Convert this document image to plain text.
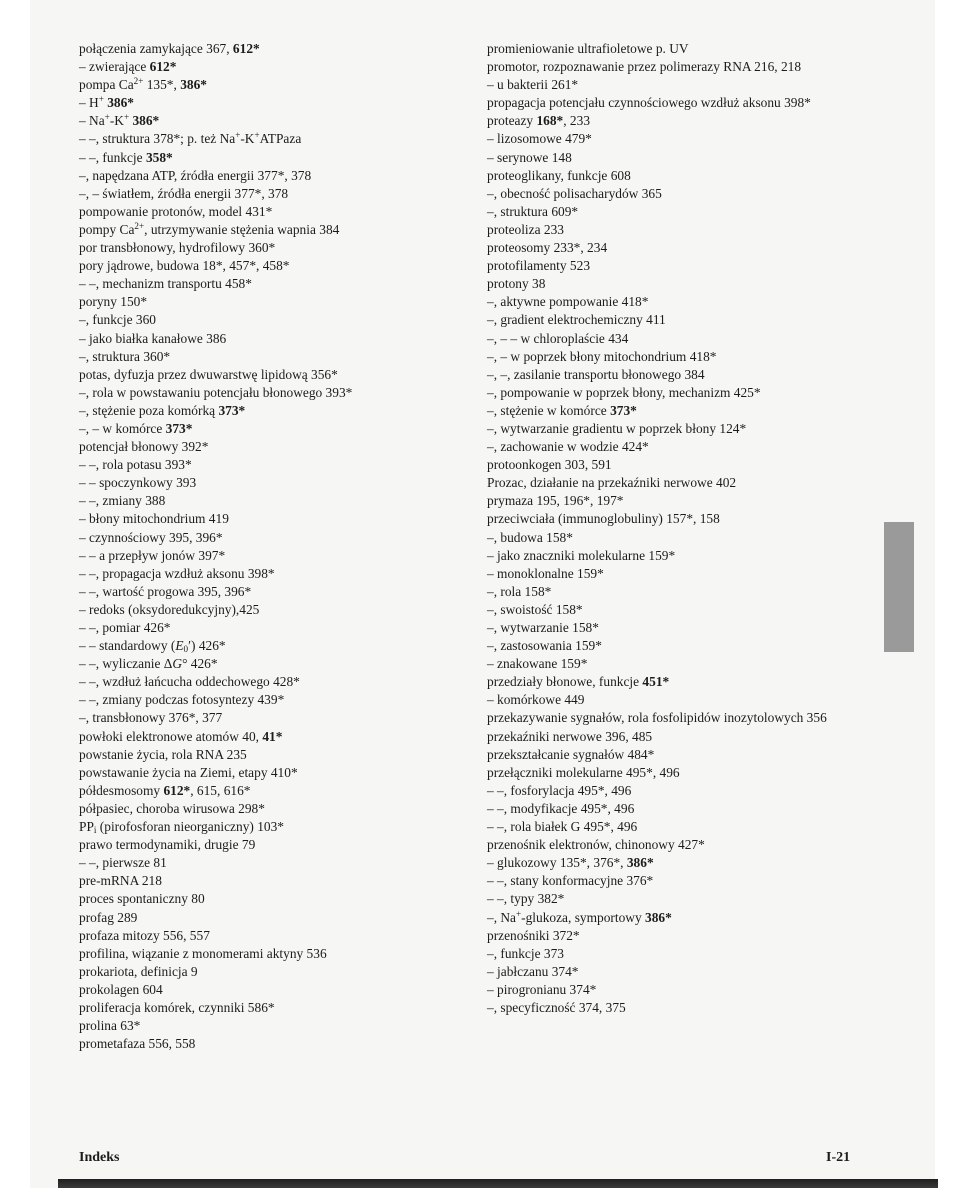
połączenia zamykające 367, 612*

– zwierające 612*

pompa $Ca^{2+}$ 135*, 386*

– H+ 386*

– Na+-K+ 386*

– –, struktura 378*; p. też Na+-K+ATPaza

– –, funkcje 358*

–, napędzana ATP, źródła energii 377*, 378

–, – światłem, źródła energii 377*, 378

pompowanie protonów, model 431*

pompy $Ca^{2+}$, utrzymywanie stężenia wapnia 384

por transbłonowy, hydrofilowy 360*

pory jądrowe, budowa 18*, 457*, 458*

– –, mechanizm transportu 458*

poryny 150*

–, funkcje 360

– jako białka kanałowe 386

–, struktura 360*

potas, dyfuzja przez dwuwarstwę lipidową 356*

–, rola w powstawaniu potencjału błonowego 393*

–, stężenie poza komórką 373*

–, – w komórce 373*

potencjał błonowy 392*

– –, rola potasu 393*

– – spoczynkowy 393

– –, zmiany 388

– błony mitochondrium 419

– czynnościowy 395, 396*

– – a przepływ jonów 397*

– –, propagacja wzdłuż aksonu 398*

– –, wartość progowa 395, 396*

– redoks (oksydoredukcyjny),425

– –, pomiar 426*

– – standardowy $(E_0')$ 426*

– –, wyliczanie ΔG° 426*

– –, wzdłuż łańcucha oddechowego 428*

– –, zmiany podczas fotosyntezy 439*

–, transbłonowy 376*, 377

powłoki elektronowe atomów 40, 41*

powstanie życia, rola RNA 235

powstawanie życia na Ziemi, etapy 410*

półdesmosomy 612*, 615, 616*

półpasiec, choroba wirusowa 298*

$PP_i$ (pirofosforan nieorganiczny) 103*

prawo termodynamiki, drugie 79

– –, pierwsze 81

pre-mRNA 218

proces spontaniczny 80

profag 289

profaza mitozy 556, 557

profilina, wiązanie z monomerami aktyny 536

prokariota, definicja 9

prokolagen 604

proliferacja komórek, czynniki 586*

prolina 63*

prometafaza 556, 558

promieniowanie ultrafioletowe p. UV

promotor, rozpoznawanie przez polimerazy RNA 216, 218

– u bakterii 261*

propagacja potencjału czynnościowego wzdłuż aksonu 398*

proteazy 168*, 233

– lizosomowe 479*

– serynowe 148

proteoglikany, funkcje 608

–, obecność polisacharydów 365

–, struktura 609*

proteoliza 233

proteosomy 233*, 234

protofilamenty 523

protony 38

–, aktywne pompowanie 418*

–, gradient elektrochemiczny 411

–, – – w chloroplaście 434

–, – w poprzek błony mitochondrium 418*

–, –, zasilanie transportu błonowego 384

–, pompowanie w poprzek błony, mechanizm 425*

–, stężenie w komórce 373*

–, wytwarzanie gradientu w poprzek błony 124*

–, zachowanie w wodzie 424*

protoonkogen 303, 591

Prozac, działanie na przekaźniki nerwowe 402

prymaza 195, 196*, 197*

przeciwciała (immunoglobuliny) 157*, 158

–, budowa 158*

– jako znaczniki molekularne 159*

– monoklonalne 159*

–, rola 158*

–, swoistość 158*

–, wytwarzanie 158*

–, zastosowania 159*

– znakowane 159*

przedziały błonowe, funkcje 451*

– komórkowe 449

przekazywanie sygnałów, rola fosfolipidów inozytolowych 356

przekaźniki nerwowe 396, 485

przekształcanie sygnałów 484*

przełączniki molekularne 495*, 496

– –, fosforylacja 495*, 496

– –, modyfikacje 495*, 496

– –, rola białek G 495*, 496

przenośnik elektronów, chinonowy 427*

– glukozowy 135*, 376*, 386*

– –, stany konformacyjne 376*

– –, typy 382*

–, Na+-glukoza, symportowy 386*

przenośniki 372*

–, funkcje 373

– jabłczanu 374*

– pirogronianu 374*

–, specyficzność 374, 375

Indeks	I-21
